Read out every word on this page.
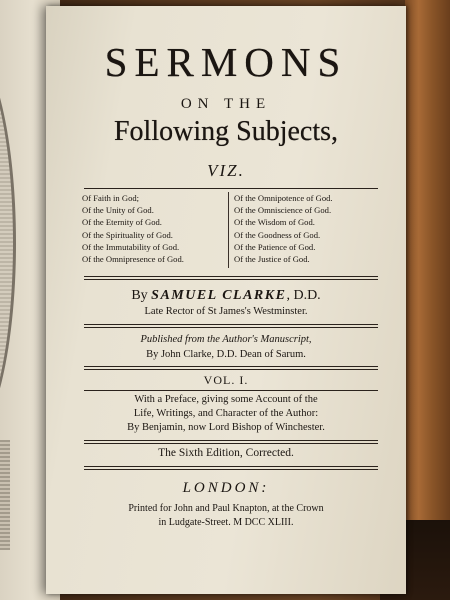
SERMONS
ON THE
Following Subjects,
VIZ.
Of Faith in God;
Of the Unity of God.
Of the Eternity of God.
Of the Spirituality of God.
Of the Immutability of God.
Of the Omnipresence of God.
Of the Omnipotence of God.
Of the Omniscience of God.
Of the Wisdom of God.
Of the Goodness of God.
Of the Patience of God.
Of the Justice of God.
By SAMUEL CLARKE, D.D.
Late Rector of St James's Westminster.
Published from the Author's Manuscript,
By John Clarke, D.D. Dean of Sarum.
VOL. I.
With a Preface, giving some Account of the
Life, Writings, and Character of the Author:
By Benjamin, now Lord Bishop of Winchester.
The Sixth Edition, Corrected.
LONDON:
Printed for John and Paul Knapton, at the Crown
in Ludgate-Street. M DCC XLIII.
